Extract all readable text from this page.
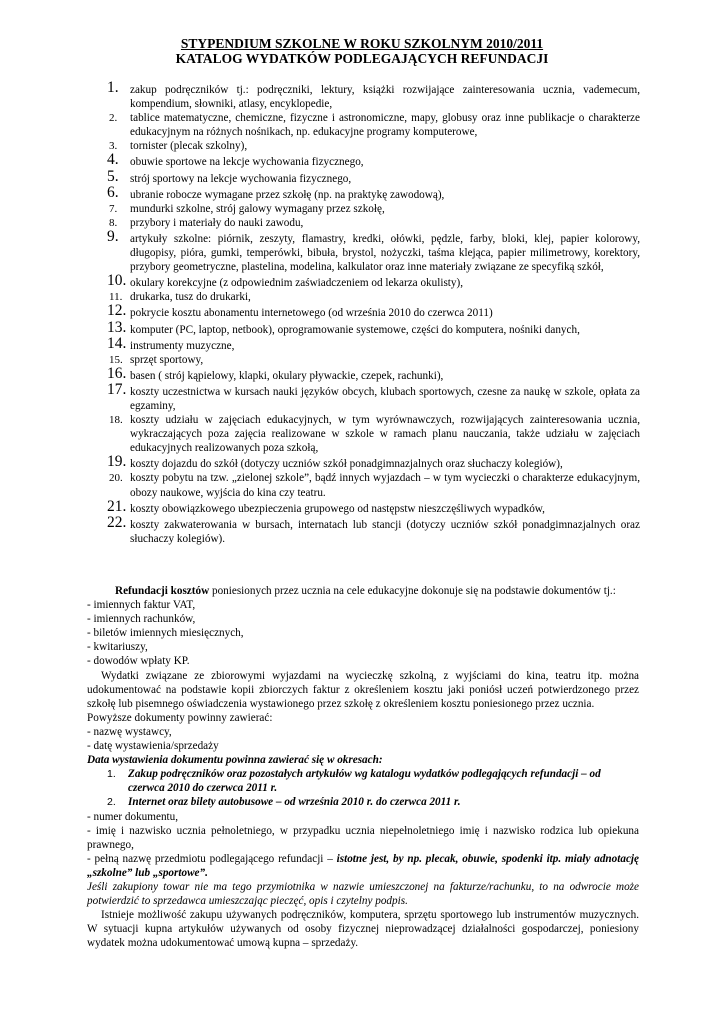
STYPENDIUM SZKOLNE W ROKU SZKOLNYM 2010/2011

KATALOG WYDATKÓW PODLEGAJĄCYCH REFUNDACJI

1. zakup podręczników tj.: podręczniki, lektury, książki rozwijające zainteresowania ucznia, vademecum, kompendium, słowniki, atlasy, encyklopedie,
2. tablice matematyczne, chemiczne, fizyczne i astronomiczne, mapy, globusy oraz inne publikacje o charakterze edukacyjnym na różnych nośnikach, np. edukacyjne programy komputerowe,
3. tornister (plecak szkolny),
4. obuwie sportowe na lekcje wychowania fizycznego,
5. strój sportowy na lekcje wychowania fizycznego,
6. ubranie robocze wymagane przez szkołę (np. na praktykę zawodową),
7. mundurki szkolne, strój galowy wymagany przez szkołę,
8. przybory i materiały do nauki zawodu,
9. artykuły szkolne: piórnik, zeszyty, flamastry, kredki, ołówki, pędzle, farby, bloki, klej, papier kolorowy, długopisy, pióra, gumki, temperówki, bibuła, brystol, nożyczki, taśma klejąca, papier milimetrowy, korektory, przybory geometryczne, plastelina, modelina, kalkulator oraz inne materiały związane ze specyfiką szkół,
10. okulary korekcyjne (z odpowiednim zaświadczeniem od lekarza okulisty),
11. drukarka, tusz do drukarki,
12. pokrycie kosztu abonamentu internetowego (od września 2010 do czerwca 2011)
13. komputer (PC, laptop, netbook), oprogramowanie systemowe, części do komputera, nośniki danych,
14. instrumenty muzyczne,
15. sprzęt sportowy,
16. basen ( strój kąpielowy, klapki, okulary pływackie, czepek, rachunki),
17. koszty uczestnictwa w kursach nauki języków obcych, klubach sportowych, czesne za naukę w szkole, opłata za egzaminy,
18. koszty udziału w zajęciach edukacyjnych, w tym wyrównawczych, rozwijających zainteresowania ucznia, wykraczających poza zajęcia realizowane w szkole w ramach planu nauczania, także udziału w zajęciach edukacyjnych realizowanych poza szkołą,
19. koszty dojazdu do szkół (dotyczy uczniów szkół ponadgimnazjalnych oraz słuchaczy kolegiów),
20. koszty pobytu na tzw. „zielonej szkole”, bądź innych wyjazdach – w tym wycieczki o charakterze edukacyjnym, obozy naukowe, wyjścia do kina czy teatru.
21. koszty obowiązkowego ubezpieczenia grupowego od następstw nieszczęśliwych wypadków,
22. koszty zakwaterowania w bursach, internatach lub stancji (dotyczy uczniów szkół ponadgimnazjalnych oraz słuchaczy kolegiów).

Refundacji kosztów poniesionych przez ucznia na cele edukacyjne dokonuje się na podstawie dokumentów tj.:

- imiennych faktur VAT,

- imiennych rachunków,

- biletów imiennych miesięcznych,

- kwitariuszy,

- dowodów wpłaty KP.

Wydatki związane ze zbiorowymi wyjazdami na wycieczkę szkolną, z wyjściami do kina, teatru itp. można udokumentować na podstawie kopii zbiorczych faktur z określeniem kosztu jaki poniósł uczeń potwierdzonego przez szkołę lub pisemnego oświadczenia wystawionego przez szkołę z określeniem kosztu poniesionego przez ucznia.

Powyższe dokumenty powinny zawierać:

- nazwę wystawcy,

- datę wystawienia/sprzedaży

Data wystawienia dokumentu powinna zawierać się w okresach:

1. Zakup podręczników oraz pozostałych artykułów wg katalogu wydatków podlegających refundacji – od czerwca 2010 do czerwca 2011 r.
2. Internet oraz bilety autobusowe – od września 2010 r. do czerwca 2011 r.

- numer dokumentu,

- imię i nazwisko ucznia pełnoletniego, w przypadku ucznia niepełnoletniego imię i nazwisko rodzica lub opiekuna prawnego,

- pełną nazwę przedmiotu podlegającego refundacji – istotne jest, by np. plecak, obuwie, spodenki itp. miały adnotację „szkolne” lub „sportowe”.

Jeśli zakupiony towar nie ma tego przymiotnika w nazwie umieszczonej na fakturze/rachunku, to na odwrocie może potwierdzić to sprzedawca umieszczając pieczęć, opis i czytelny podpis.

Istnieje możliwość zakupu używanych podręczników, komputera, sprzętu sportowego lub instrumentów muzycznych. W sytuacji kupna artykułów używanych od osoby fizycznej nieprowadzącej działalności gospodarczej, poniesiony wydatek można udokumentować umową kupna – sprzedaży.
